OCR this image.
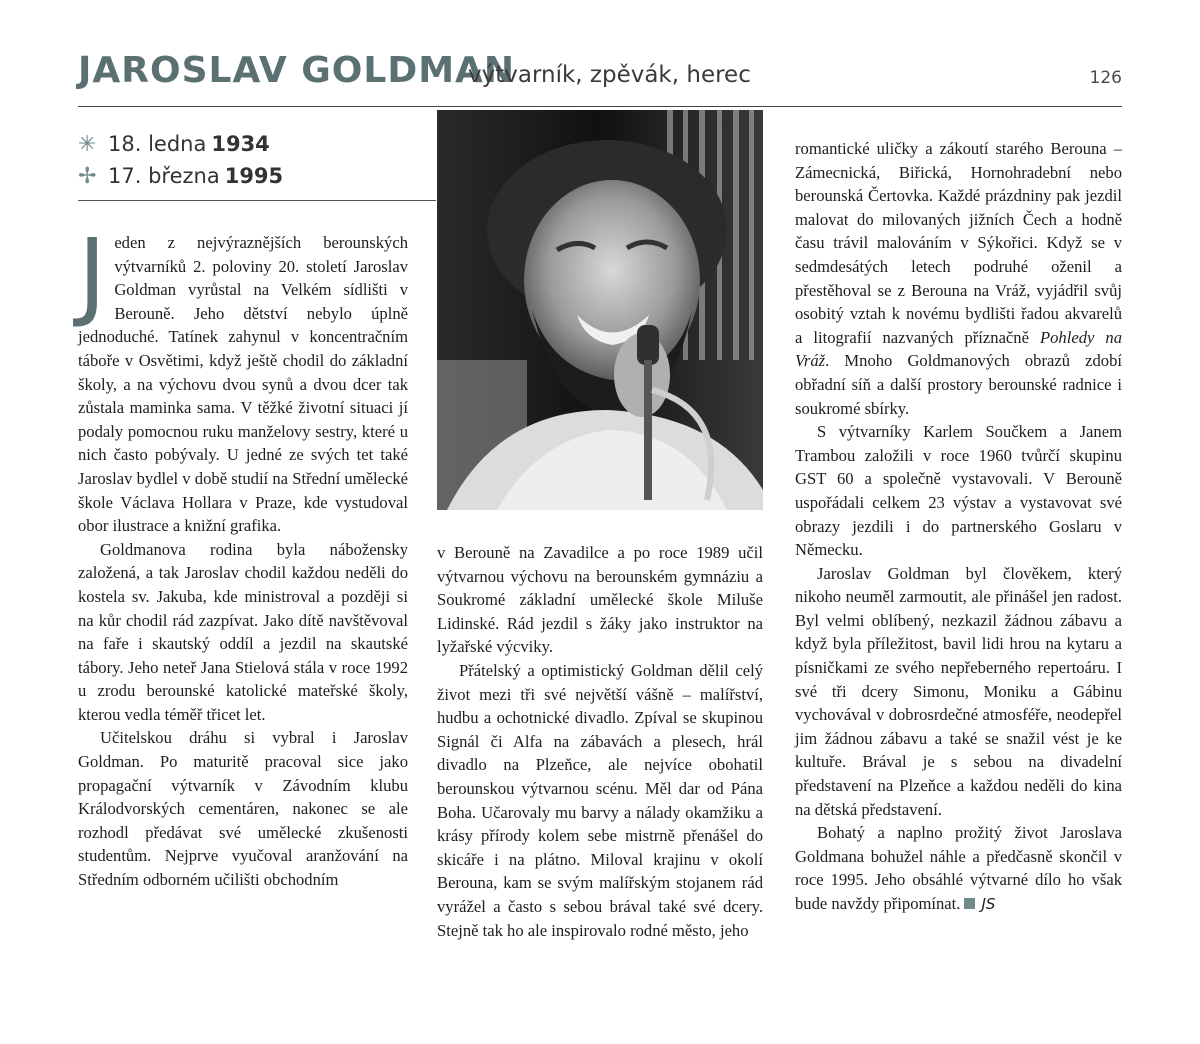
JAROSLAV GOLDMAN
výtvarník, zpěvák, herec	126
✳ 18. ledna 1934
✢ 17. března 1995

Jeden z nejvýraznějších berounských výtvarníků 2. poloviny 20. století Jaroslav Goldman vyrůstal na Velkém sídlišti v Berouně. Jeho dětství nebylo úplně jednoduché. Tatínek zahynul v koncentračním táboře v Osvětimi, když ještě chodil do základní školy, a na výchovu dvou synů a dvou dcer tak zůstala maminka sama. V těžké životní situaci jí podaly pomocnou ruku manželovy sestry, které u nich často pobývaly. U jedné ze svých tet také Jaroslav bydlel v době studií na Střední umělecké škole Václava Hollara v Praze, kde vystudoval obor ilustrace a knižní grafika.

Goldmanova rodina byla nábožensky založená, a tak Jaroslav chodil každou neděli do kostela sv. Jakuba, kde ministroval a později si na kůr chodil rád zazpívat. Jako dítě navštěvoval na faře i skautský oddíl a jezdil na skautské tábory. Jeho neteř Jana Stielová stála v roce 1992 u zrodu berounské katolické mateřské školy, kterou vedla téměř třicet let.

Učitelskou dráhu si vybral i Jaroslav Goldman. Po maturitě pracoval sice jako propagační výtvarník v Závodním klubu Králodvorských cementáren, nakonec se ale rozhodl předávat své umělecké zkušenosti studentům. Nejprve vyučoval aranžování na Středním odborném učilišti obchodním

v Berouně na Zavadilce a po roce 1989 učil výtvarnou výchovu na berounském gymnáziu a Soukromé základní umělecké škole Miluše Lidinské. Rád jezdil s žáky jako instruktor na lyžařské výcviky.

Přátelský a optimistický Goldman dělil celý život mezi tři své největší vášně – malířství, hudbu a ochotnické divadlo. Zpíval se skupinou Signál či Alfa na zábavách a plesech, hrál divadlo na Plzeňce, ale nejvíce obohatil berounskou výtvarnou scénu. Měl dar od Pána Boha. Učarovaly mu barvy a nálady okamžiku a krásy přírody kolem sebe mistrně přenášel do skicáře i na plátno. Miloval krajinu v okolí Berouna, kam se svým malířským stojanem rád vyrážel a často s sebou brával také své dcery. Stejně tak ho ale inspirovalo rodné město, jeho

romantické uličky a zákoutí starého Berouna – Zámecnická, Biřická, Hornohradební nebo berounská Čertovka. Každé prázdniny pak jezdil malovat do milovaných jižních Čech a hodně času trávil malováním v Sýkořici. Když se v sedmdesátých letech podruhé oženil a přestěhoval se z Berouna na Vráž, vyjádřil svůj osobitý vztah k novému bydlišti řadou akvarelů a litografií nazvaných příznačně Pohledy na Vráž. Mnoho Goldmanových obrazů zdobí obřadní síň a další prostory berounské radnice i soukromé sbírky.

S výtvarníky Karlem Součkem a Janem Trambou založili v roce 1960 tvůrčí skupinu GST 60 a společně vystavovali. V Berouně uspořádali celkem 23 výstav a vystavovat své obrazy jezdili i do partnerského Goslaru v Německu.

Jaroslav Goldman byl člověkem, který nikoho neuměl zarmoutit, ale přinášel jen radost. Byl velmi oblíbený, nezkazil žádnou zábavu a když byla příležitost, bavil lidi hrou na kytaru a písničkami ze svého nepřeberného repertoáru. I své tři dcery Simonu, Moniku a Gábinu vychovával v dobrosrdečné atmosféře, neodepřel jim žádnou zábavu a také se snažil vést je ke kultuře. Brával je s sebou na divadelní představení na Plzeňce a každou neděli do kina na dětská představení.

Bohatý a naplno prožitý život Jaroslava Goldmana bohužel náhle a předčasně skončil v roce 1995. Jeho obsáhlé výtvarné dílo ho však bude navždy připomínat. JS
